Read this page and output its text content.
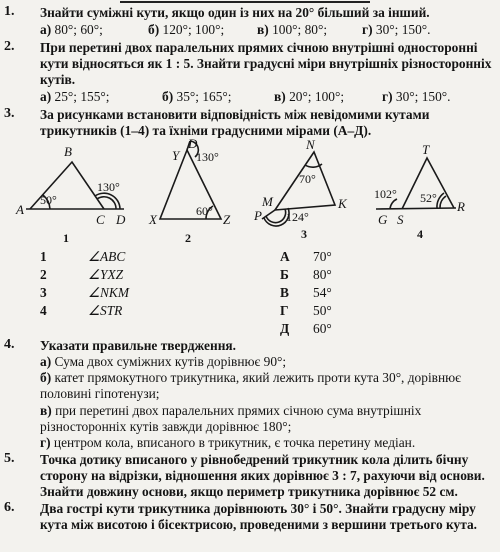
1. Знайти суміжні кути, якщо один із них на 20° більший за інший.
а) 80°; 60°;	б) 120°; 100°; в) 100°; 80°;	г) 30°; 150°.
2. При перетині двох паралельних прямих січною внутрішні односторонні кути відносяться як 1 : 5. Знайти градусні міри внутрішніх різносторонніх кутів.
а) 25°; 155°;	б) 35°; 165°;	в) 20°; 100°;	г) 30°; 150°.
3. За рисунками встановити відповідність між невідомими кутами трикутників (1–4) та їхніми градусними мірами (А–Д).
A
B
C D
50°
130°
1
D
Y 130°
X	Z
60°
2
N
70°
M
P
K
124°
3
T
102° 52°
R
G S
4
1	∠ABC
2	∠YXZ
3	∠NKM
4	∠STR
А 70°
Б 80°
В 54°
Г 50°
Д 60°
4. Указати правильне твердження.
а) Сума двох суміжних кутів дорівнює 90°;
б) катет прямокутного трикутника, який лежить проти кута 30°, дорівнює половині гіпотенузи;
в) при перетині двох паралельних прямих січною сума внутрішніх різносторонніх кутів завжди дорівнює 180°;
г) центром кола, вписаного в трикутник, є точка перетину медіан.
5. Точка дотику вписаного у рівнобедрений трикутник кола ділить бічну сторону на відрізки, відношення яких дорівнює 3 : 7, рахуючи від основи. Знайти довжину основи, якщо периметр трикутника дорівнює 52 см.
6. Два гострі кути трикутника дорівнюють 30° і 50°. Знайти градусну міру кута між висотою і бісектрисою, проведеними з вершини третього кута.
